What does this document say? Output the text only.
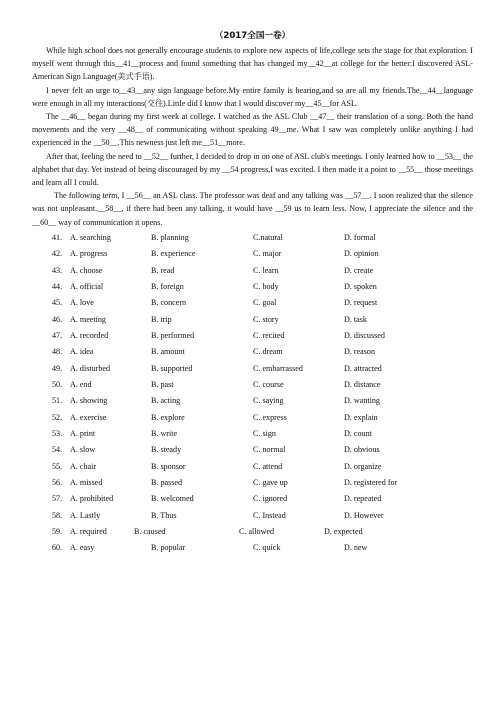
（2017全国一卷）

While high school does not generally encourage students to explore new aspects of life,college sets the stage for that exploration. I myself went through this__41__process and found something that has changed my__42__at college for the better:I discovered ASL-American Sign Language(美式手语).

I never felt an urge to__43__any sign language before.My entire family is hearing,and so are all my friends.The__44__language were enough in all my interactions(交往).Little did I know that I would discover my__45__for ASL.

The __46__ began during my first week at college. I watched as the ASL Club __47__ their translation of a song. Both the hand movements and the very __48__ of communicating without speaking 49__me. What I saw was completely unlike anything I had experienced in the __50__.This newness just left me__51__more.

After that, feeling the need to __52__ further, I decided to drop in on one of ASL club's meetings. I only learned how to __53__ the alphabet that day. Yet instead of being discouraged by my __54 progress,I was excited. I then made it a point to __55__ those meetings and learn all I could.

The following term, I __56__ an ASL class. The professor was deaf and any talking was __57__. I soon realized that the silence was not unpleasant.__58__, if there had been any talking, it would have __59 us to learn less. Now, I appreciate the silence and the __60__ way of communication it opens.

41. A. searching	B. planning	C.natural	D. formal
42. A. progress	B. experience	C. major	D. opinion
43. A. choose	B. read	C. learn	D. create
44. A. official	B. foreign	C. body	D. spoken
45. A. love	B. concern	C. goal	D. request
46. A. meeting	B. trip	C. story	D. task
47. A. recorded	B. performed	C. recited	D. discussed
48. A. idea	B. amount	C. dream	D. reason
49. A. disturbed	B. supported	C. embarrassed	D. attracted
50. A. end	B. past	C. course	D. distance
51. A. showing	B. acting	C. saying	D. wanting
52. A. exercise	B. explore	C. express	D. explain
53. A. print	B. write	C. sign	D. count
54. A. slow	B. steady	C. normal	D. obvious
55. A. chair	B. sponsor	C. attend	D. organize
56. A. missed	B. passed	C. gave up	D. registered for
57. A. prohibited	B. welcomed	C. ignored	D. repeated
58. A. Lastly	B. Thus	C. Instead	D. However
59. A. required	B. caused	C. allowed	D. expected
60. A. easy	B. popular	C. quick	D. new
